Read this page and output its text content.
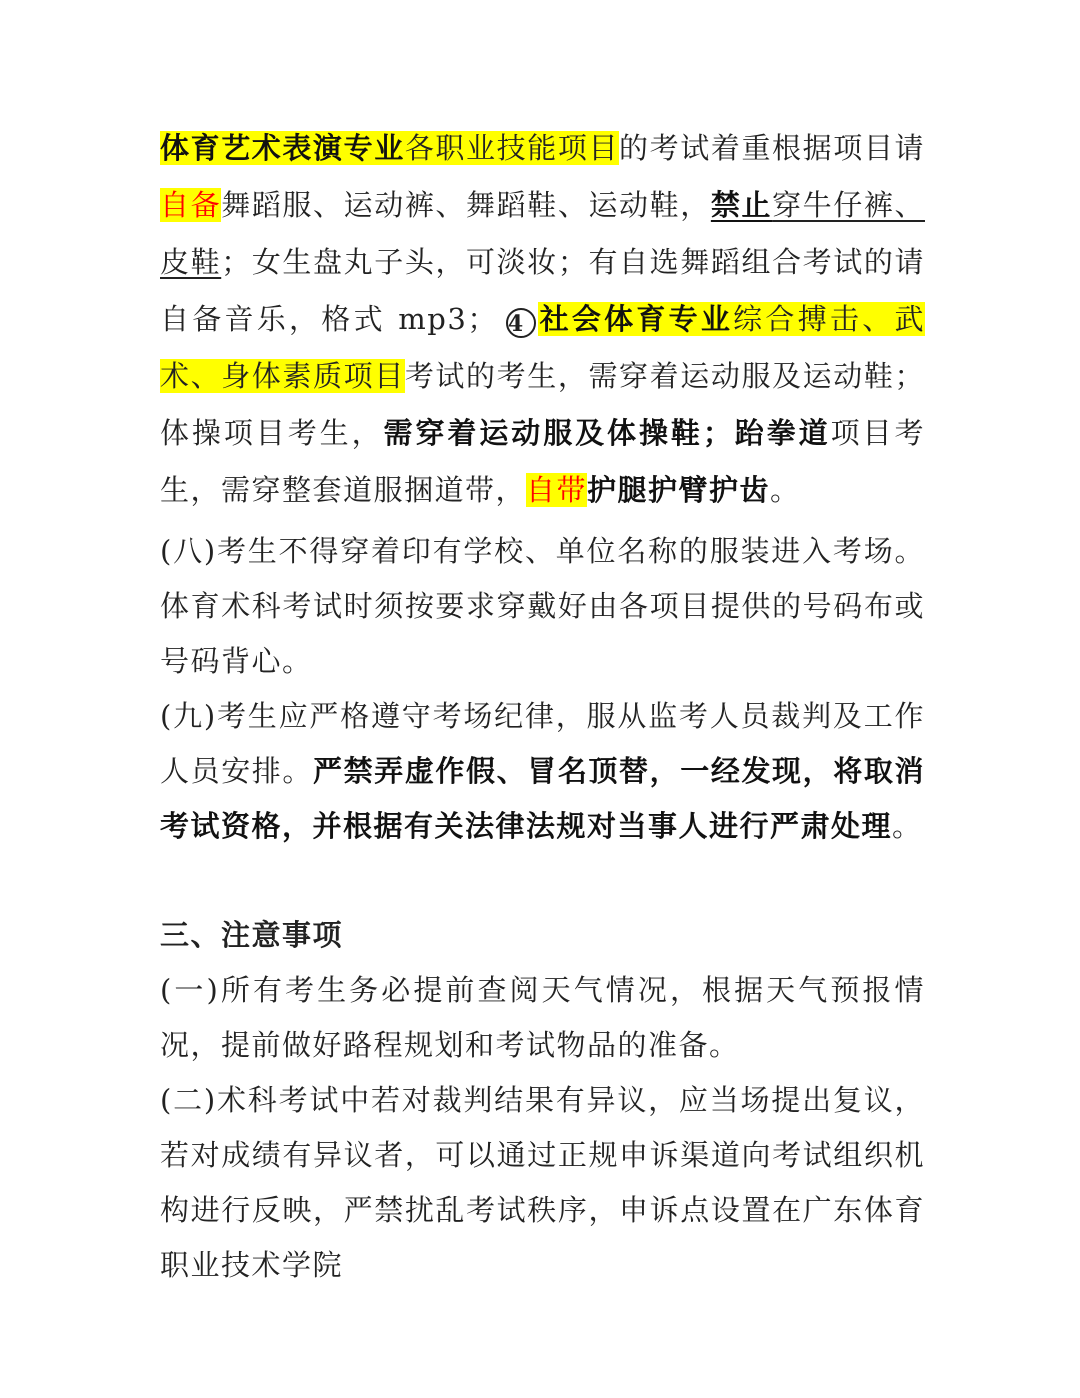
体育艺术表演专业各职业技能项目的考试着重根据项目请自备舞蹈服、运动裤、舞蹈鞋、运动鞋，禁止穿牛仔裤、皮鞋；女生盘丸子头，可淡妆；有自选舞蹈组合考试的请自备音乐，格式 mp3； 4 社会体育专业综合搏击、武术、身体素质项目考试的考生，需穿着运动服及运动鞋；体操项目考生，需穿着运动服及体操鞋；跆拳道项目考生，需穿整套道服捆道带，自带护腿护臂护齿。

(八)考生不得穿着印有学校、单位名称的服装进入考场。体育术科考试时须按要求穿戴好由各项目提供的号码布或号码背心。

(九)考生应严格遵守考场纪律，服从监考人员裁判及工作人员安排。严禁弄虚作假、冒名顶替，一经发现，将取消考试资格，并根据有关法律法规对当事人进行严肃处理。

三、注意事项

(一)所有考生务必提前查阅天气情况，根据天气预报情况，提前做好路程规划和考试物品的准备。

(二)术科考试中若对裁判结果有异议，应当场提出复议，若对成绩有异议者，可以通过正规申诉渠道向考试组织机构进行反映，严禁扰乱考试秩序，申诉点设置在广东体育职业技术学院
